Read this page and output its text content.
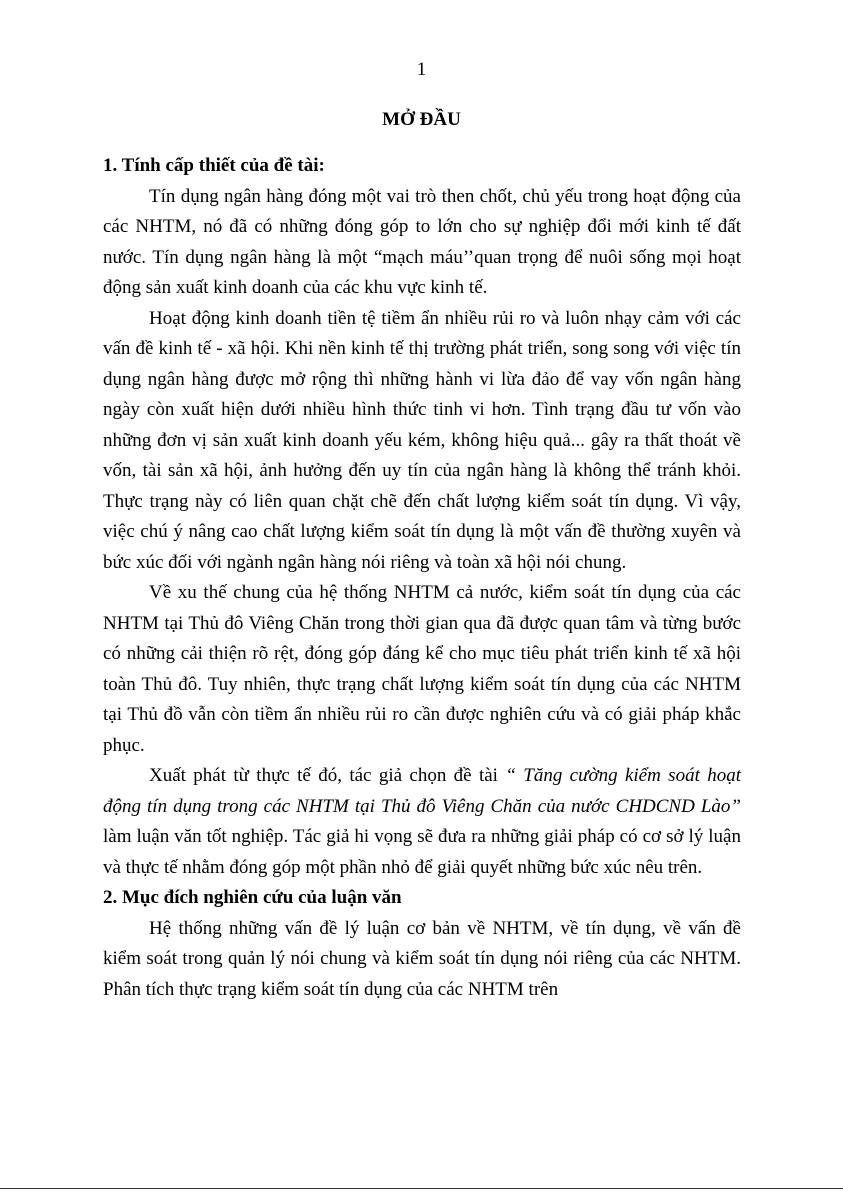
1
MỞ ĐẦU

1. Tính cấp thiết của đề tài:

Tín dụng ngân hàng đóng một vai trò then chốt, chủ yếu trong hoạt động của các NHTM, nó đã có những đóng góp to lớn cho sự nghiệp đổi mới kinh tế đất nước. Tín dụng ngân hàng là một “mạch máu’’quan trọng để nuôi sống mọi hoạt động sản xuất kinh doanh của các khu vực kinh tế.

Hoạt động kinh doanh tiền tệ tiềm ẩn nhiều rủi ro và luôn nhạy cảm với các vấn đề kinh tế - xã hội. Khi nền kinh tế thị trường phát triển, song song với việc tín dụng ngân hàng được mở rộng thì những hành vi lừa đảo để vay vốn ngân hàng ngày còn xuất hiện dưới nhiều hình thức tinh vi hơn. Tình trạng đầu tư vốn vào những đơn vị sản xuất kinh doanh yếu kém, không hiệu quả... gây ra thất thoát về vốn, tài sản xã hội, ảnh hưởng đến uy tín của ngân hàng là không thể tránh khỏi. Thực trạng này có liên quan chặt chẽ đến chất lượng kiểm soát tín dụng. Vì vậy, việc chú ý nâng cao chất lượng kiểm soát tín dụng là một vấn đề thường xuyên và bức xúc đối với ngành ngân hàng nói riêng và toàn xã hội nói chung.

Về xu thế chung của hệ thống NHTM cả nước, kiểm soát tín dụng của các NHTM tại Thủ đô Viêng Chăn trong thời gian qua đã được quan tâm và từng bước có những cải thiện rõ rệt, đóng góp đáng kể cho mục tiêu phát triển kinh tế xã hội toàn Thủ đô. Tuy nhiên, thực trạng chất lượng kiểm soát tín dụng của các NHTM tại Thủ đồ vẫn còn tiềm ẩn nhiều rủi ro cần được nghiên cứu và có giải pháp khắc phục.

Xuất phát từ thực tế đó, tác giả chọn đề tài “ Tăng cường kiểm soát hoạt động tín dụng trong các NHTM tại Thủ đô Viêng Chăn của nước CHDCND Lào” làm luận văn tốt nghiệp. Tác giả hi vọng sẽ đưa ra những giải pháp có cơ sở lý luận và thực tế nhằm đóng góp một phần nhỏ để giải quyết những bức xúc nêu trên.

2. Mục đích nghiên cứu của luận văn

Hệ thống những vấn đề lý luận cơ bản về NHTM, về tín dụng, về vấn đề kiểm soát trong quản lý nói chung và kiểm soát tín dụng nói riêng của các NHTM. Phân tích thực trạng kiểm soát tín dụng của các NHTM trên
